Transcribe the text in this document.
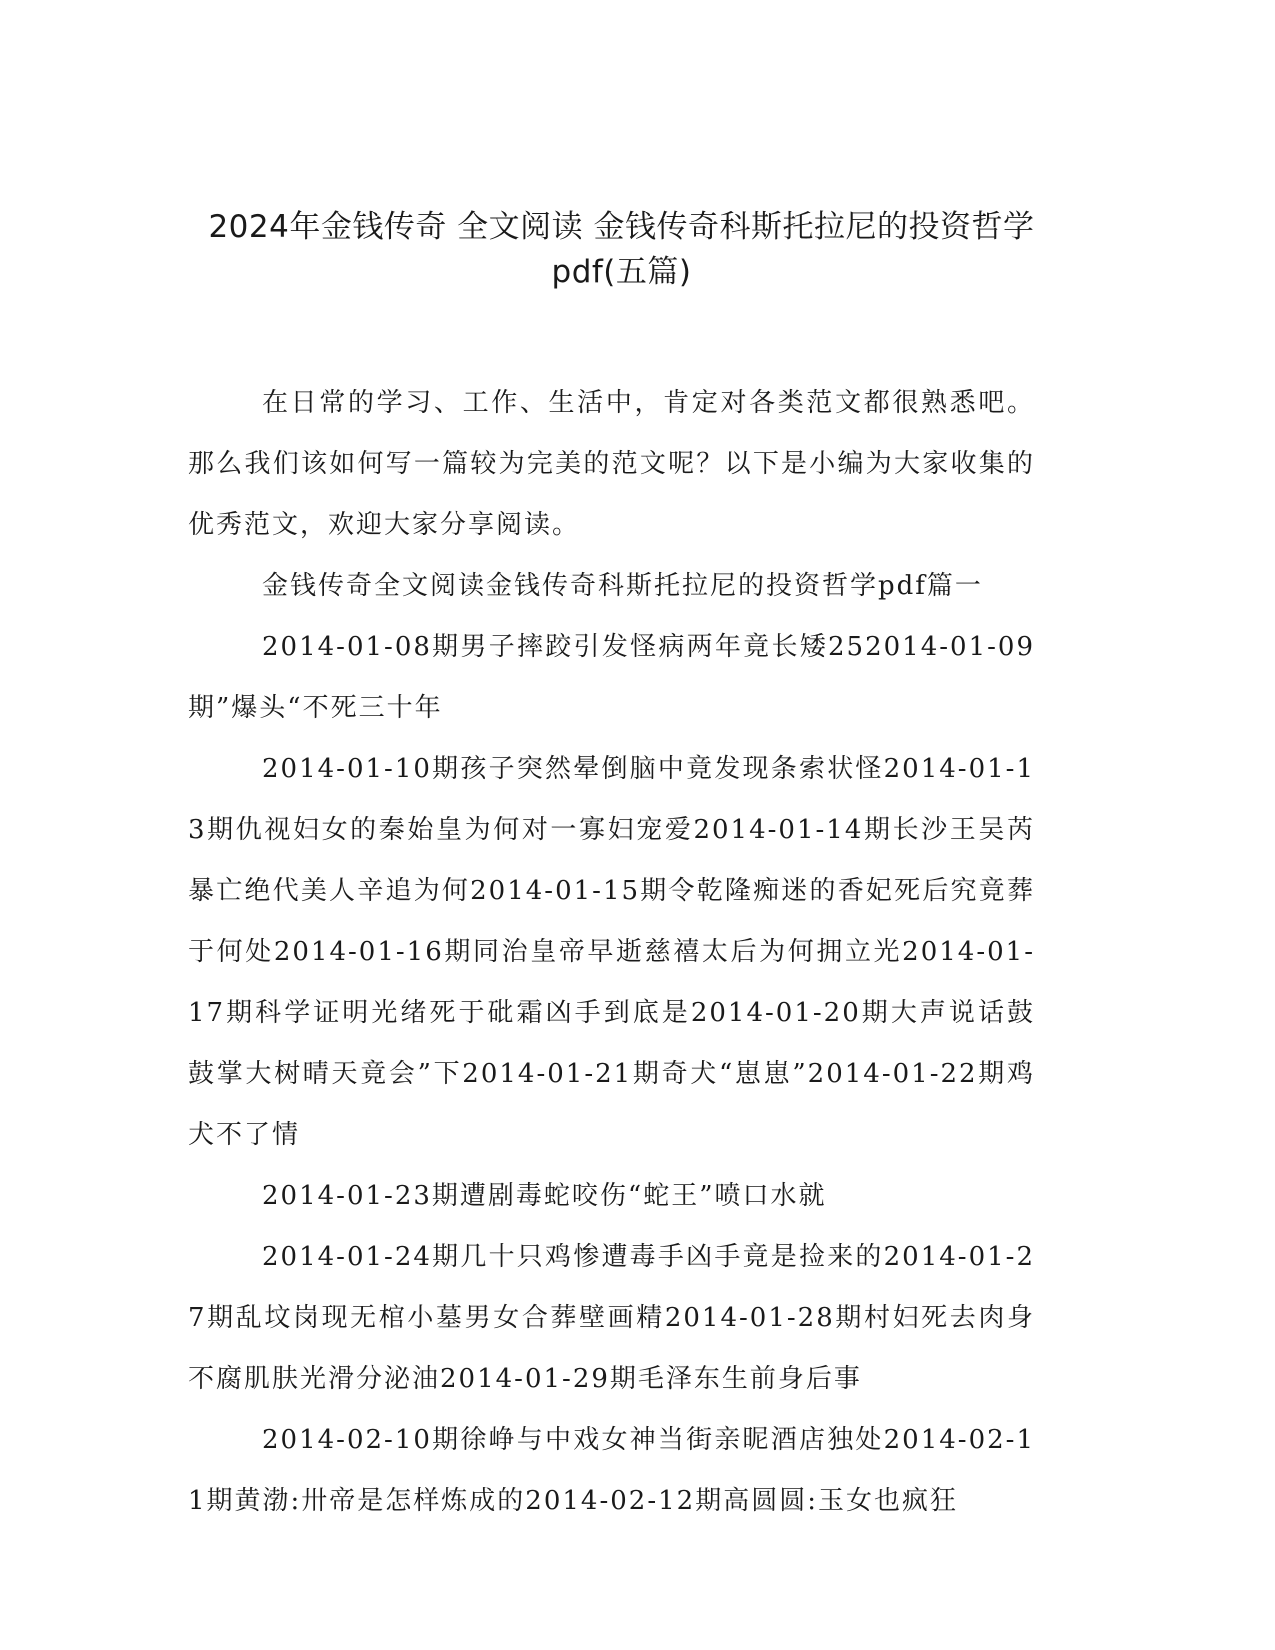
2024年金钱传奇 全文阅读 金钱传奇科斯托拉尼的投资哲学pdf(五篇)

在日常的学习、工作、生活中，肯定对各类范文都很熟悉吧。那么我们该如何写一篇较为完美的范文呢？以下是小编为大家收集的优秀范文，欢迎大家分享阅读。

金钱传奇全文阅读金钱传奇科斯托拉尼的投资哲学pdf篇一

2014-01-08期男子摔跤引发怪病两年竟长矮252014-01-09期”爆头“不死三十年

2014-01-10期孩子突然晕倒脑中竟发现条索状怪2014-01-13期仇视妇女的秦始皇为何对一寡妇宠爱2014-01-14期长沙王吴芮暴亡绝代美人辛追为何2014-01-15期令乾隆痴迷的香妃死后究竟葬于何处2014-01-16期同治皇帝早逝慈禧太后为何拥立光2014-01-17期科学证明光绪死于砒霜凶手到底是2014-01-20期大声说话鼓鼓掌大树晴天竟会”下2014-01-21期奇犬“崽崽”2014-01-22期鸡犬不了情

2014-01-23期遭剧毒蛇咬伤“蛇王”喷口水就

2014-01-24期几十只鸡惨遭毒手凶手竟是捡来的2014-01-27期乱坟岗现无棺小墓男女合葬壁画精2014-01-28期村妇死去肉身不腐肌肤光滑分泌油2014-01-29期毛泽东生前身后事

2014-02-10期徐峥与中戏女神当街亲昵酒店独处2014-02-11期黄渤:卅帝是怎样炼成的2014-02-12期高圆圆:玉女也疯狂
